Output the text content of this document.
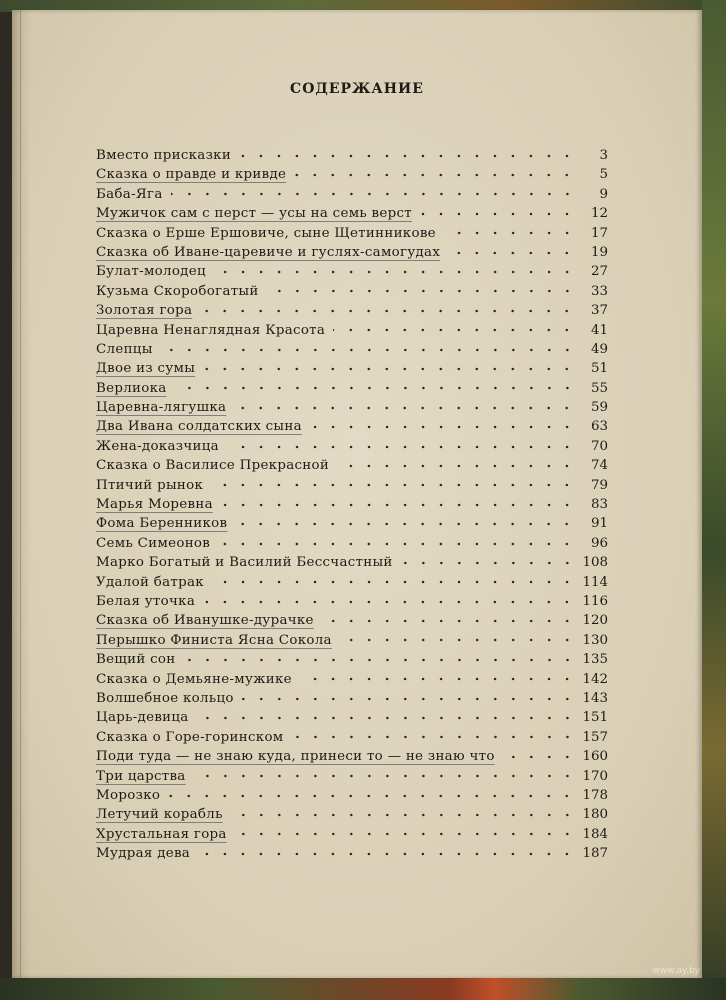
СОДЕРЖАНИЕ
Вместо присказки	3
Сказка о правде и кривде	5
Баба-Яга	9
Мужичок сам с перст — усы на семь верст	12
Сказка о Ерше Ершовиче, сыне Щетинникове	17
Сказка об Иване-царевиче и гуслях-самогудах	19
Булат-молодец	27
Кузьма Скоробогатый	33
Золотая гора	37
Царевна Ненаглядная Красота	41
Слепцы	49
Двое из сумы	51
Верлиока	55
Царевна-лягушка	59
Два Ивана солдатских сына	63
Жена-доказчица	70
Сказка о Василисе Прекрасной	74
Птичий рынок	79
Марья Моревна	83
Фома Беренников	91
Семь Симеонов	96
Марко Богатый и Василий Бессчастный	108
Удалой батрак	114
Белая уточка	116
Сказка об Иванушке-дурачке	120
Перышко Финиста Ясна Сокола	130
Вещий сон	135
Сказка о Демьяне-мужике	142
Волшебное кольцо	143
Царь-девица	151
Сказка о Горе-горинском	157
Поди туда — не знаю куда, принеси то — не знаю что	160
Три царства	170
Морозко	178
Летучий корабль	180
Хрустальная гора	184
Мудрая дева	187
www.ay.by
